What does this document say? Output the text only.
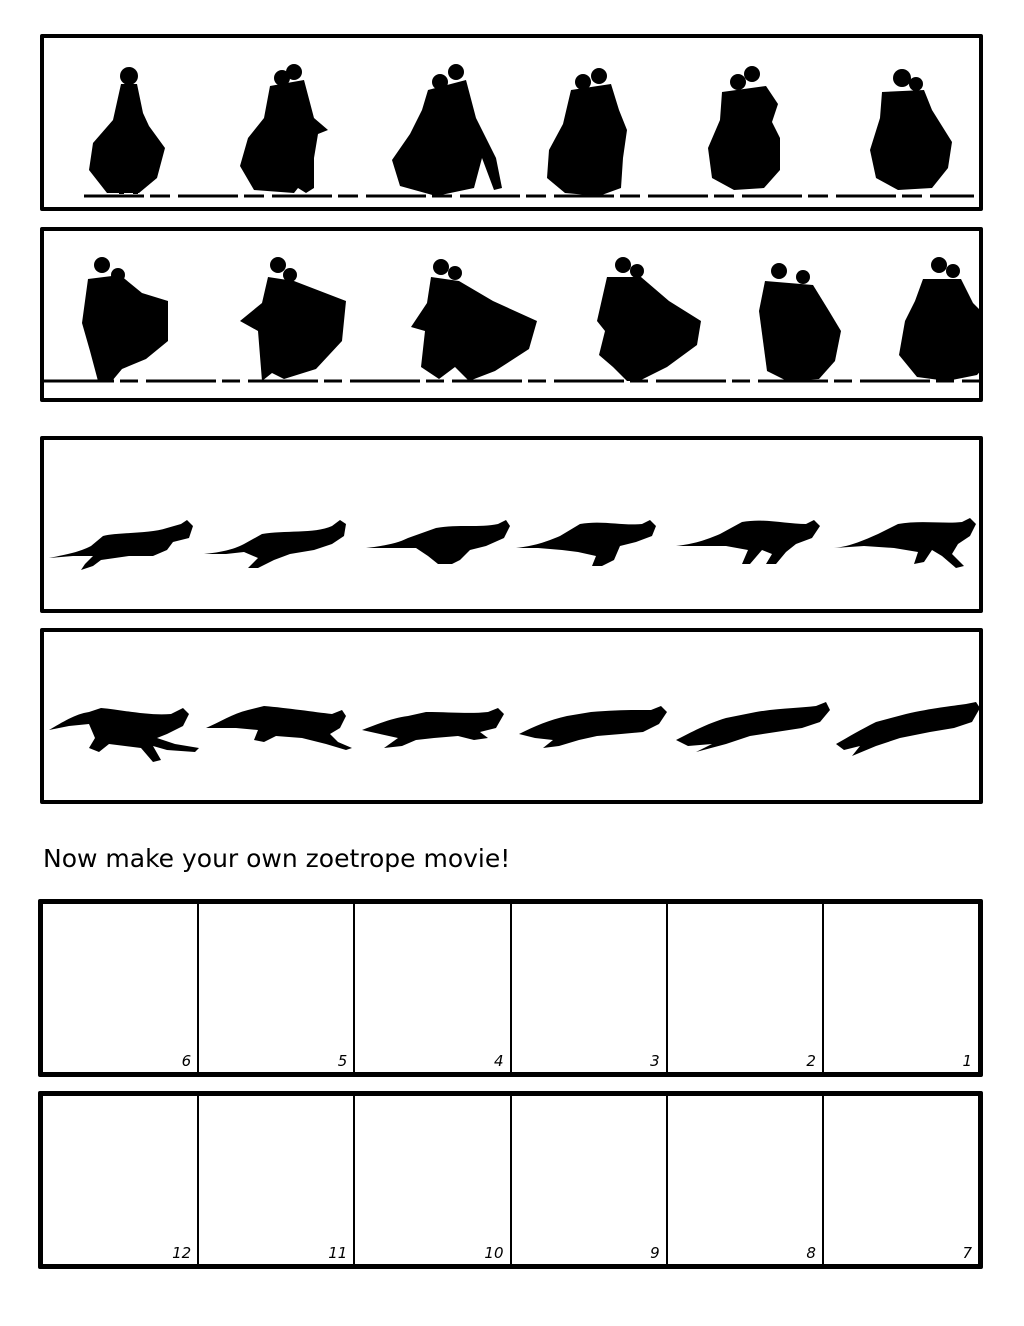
Now make your own zoetrope movie!
6	5	4	3	2	1
12	11	10	9	8	7
